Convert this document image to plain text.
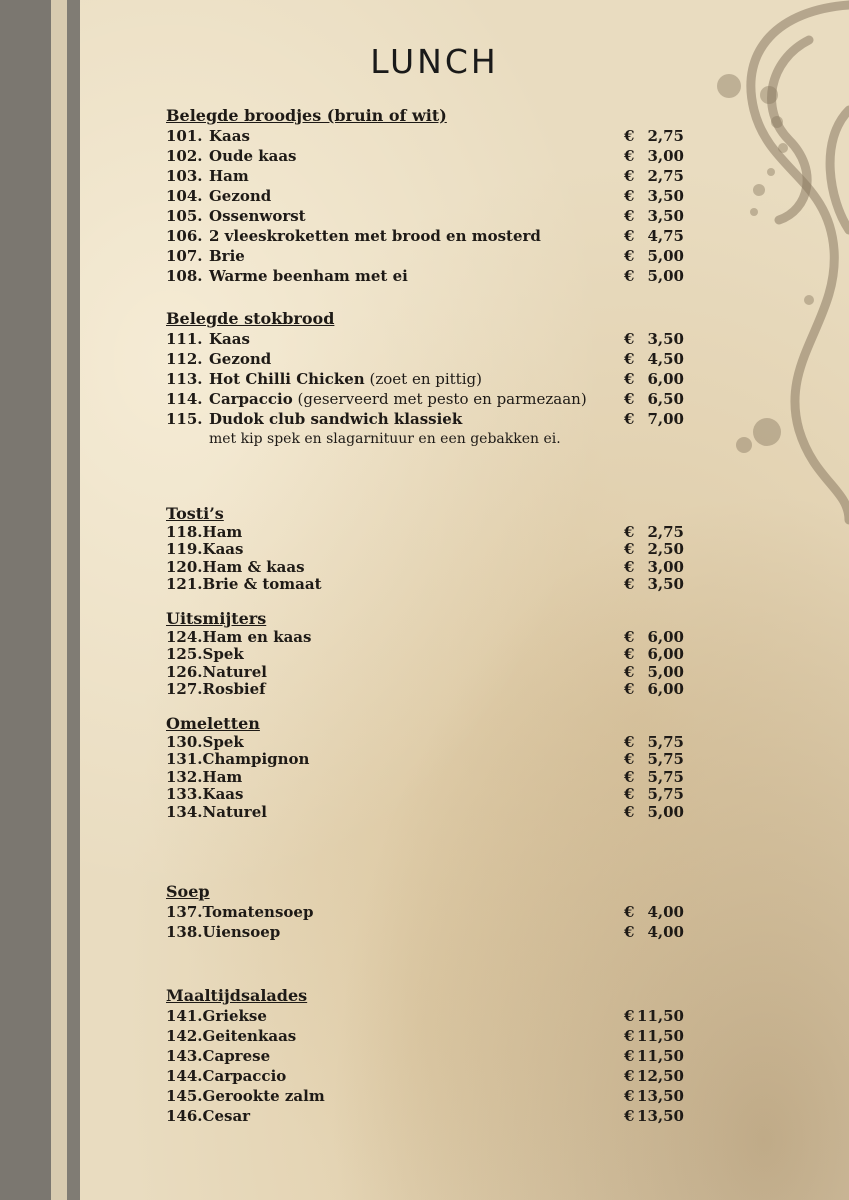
LUNCH
Belegde broodjes (bruin of wit)
101. Kaas	€ 2,75
102. Oude kaas	€ 3,00
103. Ham	€ 2,75
104. Gezond	€ 3,50
105. Ossenworst	€ 3,50
106. 2 vleeskroketten met brood en mosterd	€ 4,75
107. Brie	€ 5,00
108. Warme beenham met ei	€ 5,00
Belegde stokbrood
111. Kaas	€ 3,50
112. Gezond	€ 4,50
113. Hot Chilli Chicken (zoet en pittig)	€ 6,00
114. Carpaccio (geserveerd met pesto en parmezaan)	€ 6,50
115. Dudok club sandwich klassiek	€ 7,00
met kip spek en slagarnituur en een gebakken ei.
Tosti’s
118.Ham	€ 2,75
119.Kaas	€ 2,50
120.Ham & kaas	€ 3,00
121.Brie & tomaat	€ 3,50
Uitsmijters
124.Ham en kaas	€ 6,00
125.Spek	€ 6,00
126.Naturel	€ 5,00
127.Rosbief	€ 6,00
Omeletten
130.Spek	€ 5,75
131.Champignon	€ 5,75
132.Ham	€ 5,75
133.Kaas	€ 5,75
134.Naturel	€ 5,00
Soep
137.Tomatensoep	€ 4,00
138.Uiensoep	€ 4,00
Maaltijdsalades
141.Griekse	€ 11,50
142.Geitenkaas	€ 11,50
143.Caprese	€ 11,50
144.Carpaccio	€ 12,50
145.Gerookte zalm	€ 13,50
146.Cesar	€ 13,50
